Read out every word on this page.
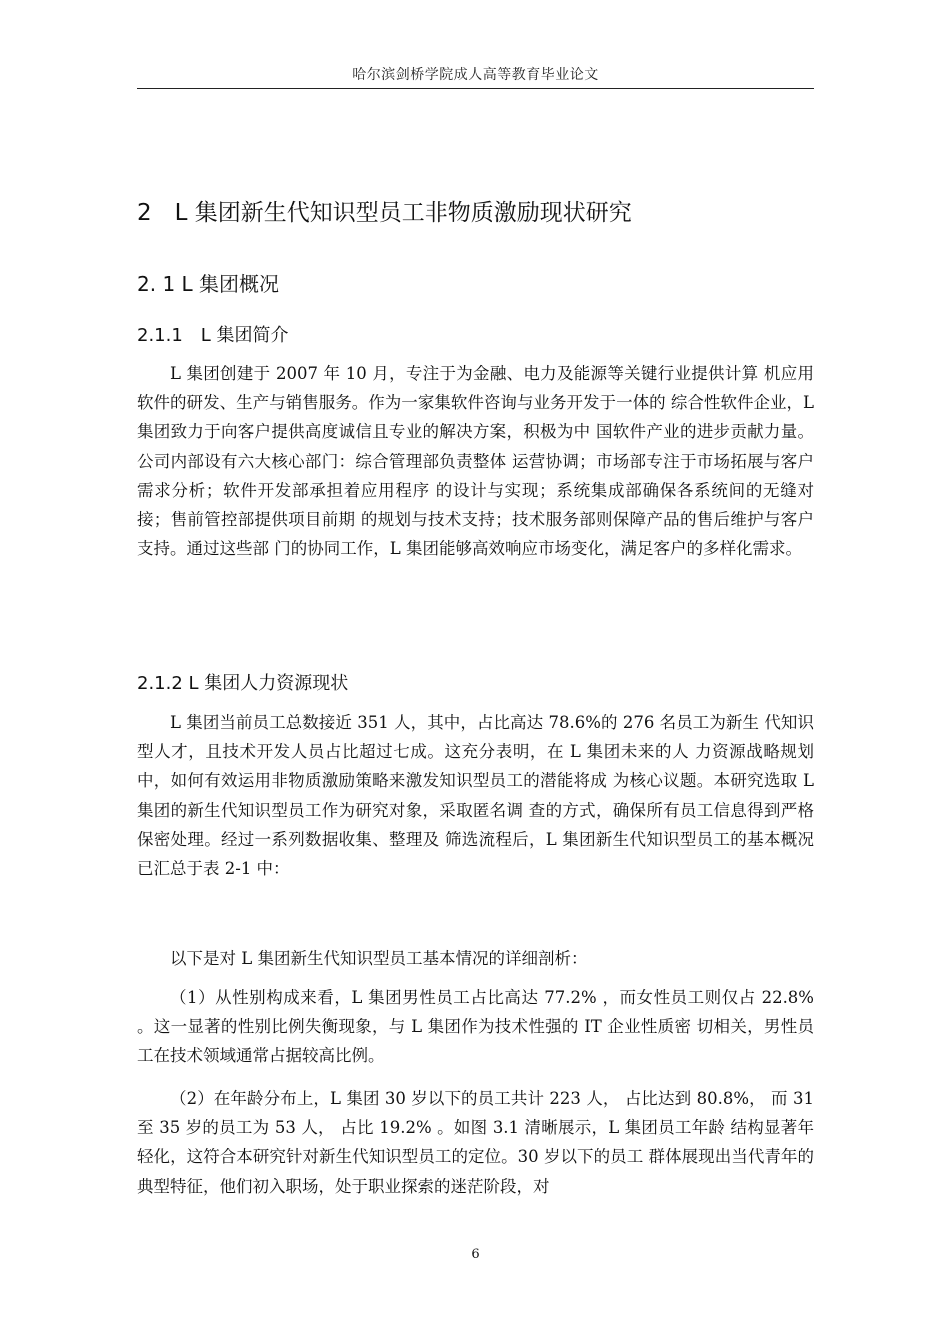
哈尔滨剑桥学院成人高等教育毕业论文
2　L 集团新生代知识型员工非物质激励现状研究
2. 1 L 集团概况
2.1.1　L 集团简介

L 集团创建于 2007 年 10 月，专注于为金融、电力及能源等关键行业提供计算 机应用软件的研发、生产与销售服务。作为一家集软件咨询与业务开发于一体的 综合性软件企业，L 集团致力于向客户提供高度诚信且专业的解决方案，积极为中 国软件产业的进步贡献力量。公司内部设有六大核心部门：综合管理部负责整体 运营协调；市场部专注于市场拓展与客户需求分析；软件开发部承担着应用程序 的设计与实现；系统集成部确保各系统间的无缝对接；售前管控部提供项目前期 的规划与技术支持；技术服务部则保障产品的售后维护与客户支持。通过这些部 门的协同工作，L 集团能够高效响应市场变化，满足客户的多样化需求。

2.1.2 L 集团人力资源现状

L 集团当前员工总数接近 351 人，其中，占比高达 78.6%的 276 名员工为新生 代知识型人才，且技术开发人员占比超过七成。这充分表明，在 L 集团未来的人 力资源战略规划中，如何有效运用非物质激励策略来激发知识型员工的潜能将成 为核心议题。本研究选取 L 集团的新生代知识型员工作为研究对象，采取匿名调 查的方式，确保所有员工信息得到严格保密处理。经过一系列数据收集、整理及 筛选流程后，L 集团新生代知识型员工的基本概况已汇总于表 2-1 中：

以下是对 L 集团新生代知识型员工基本情况的详细剖析：

（1）从性别构成来看，L 集团男性员工占比高达 77.2% ，而女性员工则仅占 22.8% 。这一显著的性别比例失衡现象，与 L 集团作为技术性强的 IT 企业性质密 切相关，男性员工在技术领域通常占据较高比例。

（2）在年龄分布上，L 集团 30 岁以下的员工共计 223 人， 占比达到 80.8%， 而 31 至 35 岁的员工为 53 人， 占比 19.2% 。如图 3.1 清晰展示，L 集团员工年龄 结构显著年轻化，这符合本研究针对新生代知识型员工的定位。30 岁以下的员工 群体展现出当代青年的典型特征，他们初入职场，处于职业探索的迷茫阶段，对

6
